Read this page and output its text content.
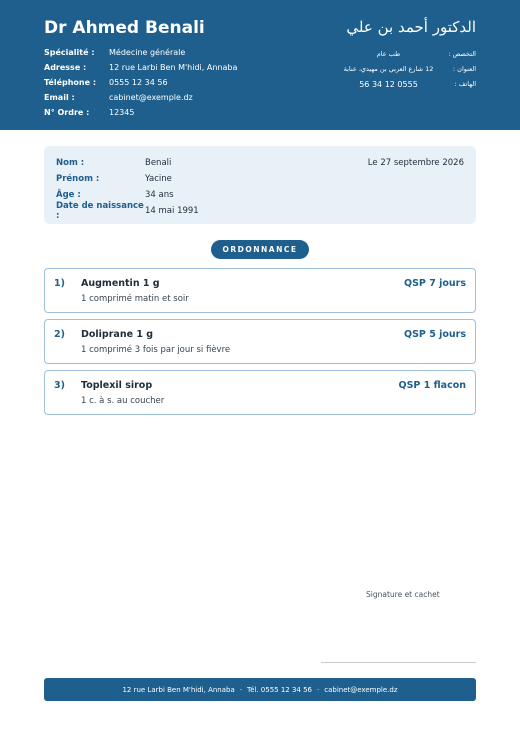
Dr Ahmed Benali
Spécialité :	Médecine générale
Adresse :	12 rue Larbi Ben M'hidi, Annaba
Téléphone :	0555 12 34 56
Email :	cabinet@exemple.dz
N° Ordre :	12345
الدكتور أحمد بن علي
التخصص :
طب عام
العنوان :
12 شارع العربي بن مهيدي، عنابة
الهاتف :
0555 12 34 56
Nom :	Benali
Prénom :	Yacine
Âge :	34 ans
Date de naissance :	14 mai 1991
Le 27 septembre 2026
ORDONNANCE
1) Augmentin 1 g	QSP 7 jours
1 comprimé matin et soir
2) Doliprane 1 g	QSP 5 jours
1 comprimé 3 fois par jour si fièvre
3) Toplexil sirop	QSP 1 flacon
1 c. à s. au coucher
Signature et cachet
12 rue Larbi Ben M'hidi, Annaba · Tél. 0555 12 34 56 · cabinet@exemple.dz
